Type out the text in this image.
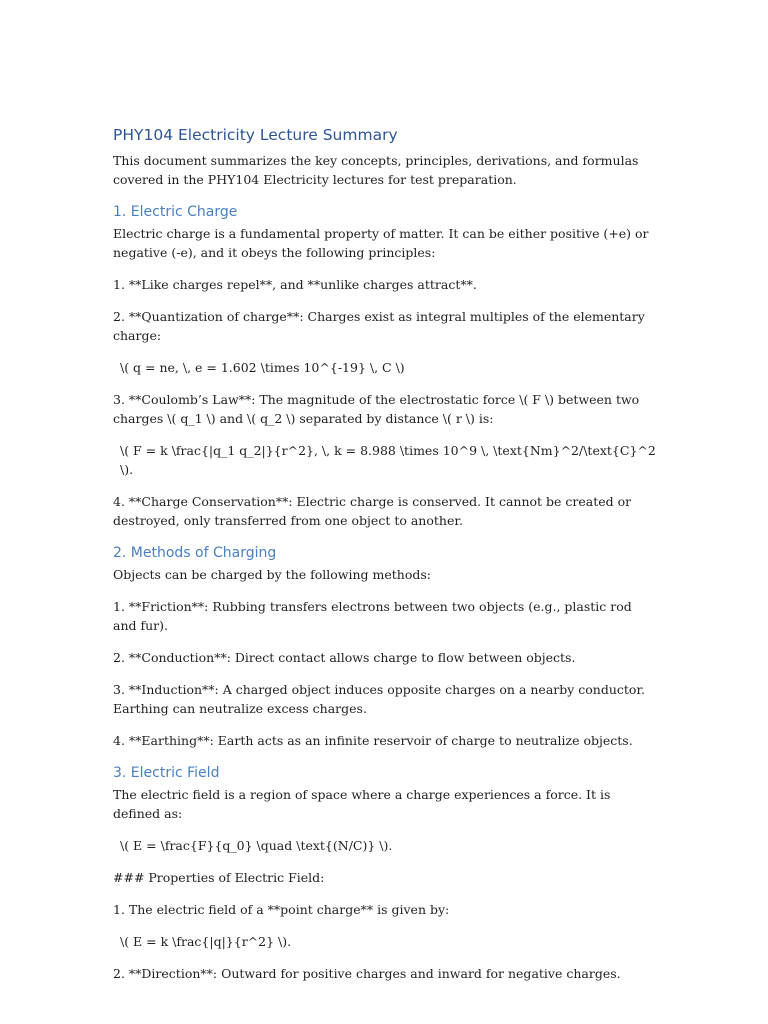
PHY104 Electricity Lecture Summary

This document summarizes the key concepts, principles, derivations, and formulas covered in the PHY104 Electricity lectures for test preparation.

1. Electric Charge

Electric charge is a fundamental property of matter. It can be either positive (+e) or negative (-e), and it obeys the following principles:

1. **Like charges repel**, and **unlike charges attract**.

2. **Quantization of charge**: Charges exist as integral multiples of the elementary charge:

\( q = ne, \, e = 1.602 \times 10^{-19} \, C \)

3. **Coulomb’s Law**: The magnitude of the electrostatic force \( F \) between two charges \( q_1 \) and \( q_2 \) separated by distance \( r \) is:

\( F = k \frac{|q_1 q_2|}{r^2}, \, k = 8.988 \times 10^9 \, \text{Nm}^2/\text{C}^2 \).

4. **Charge Conservation**: Electric charge is conserved. It cannot be created or destroyed, only transferred from one object to another.

2. Methods of Charging

Objects can be charged by the following methods:

1. **Friction**: Rubbing transfers electrons between two objects (e.g., plastic rod and fur).

2. **Conduction**: Direct contact allows charge to flow between objects.

3. **Induction**: A charged object induces opposite charges on a nearby conductor. Earthing can neutralize excess charges.

4. **Earthing**: Earth acts as an infinite reservoir of charge to neutralize objects.

3. Electric Field

The electric field is a region of space where a charge experiences a force. It is defined as:

\( E = \frac{F}{q_0} \quad \text{(N/C)} \).

### Properties of Electric Field:

1. The electric field of a **point charge** is given by:

\( E = k \frac{|q|}{r^2} \).

2. **Direction**: Outward for positive charges and inward for negative charges.
